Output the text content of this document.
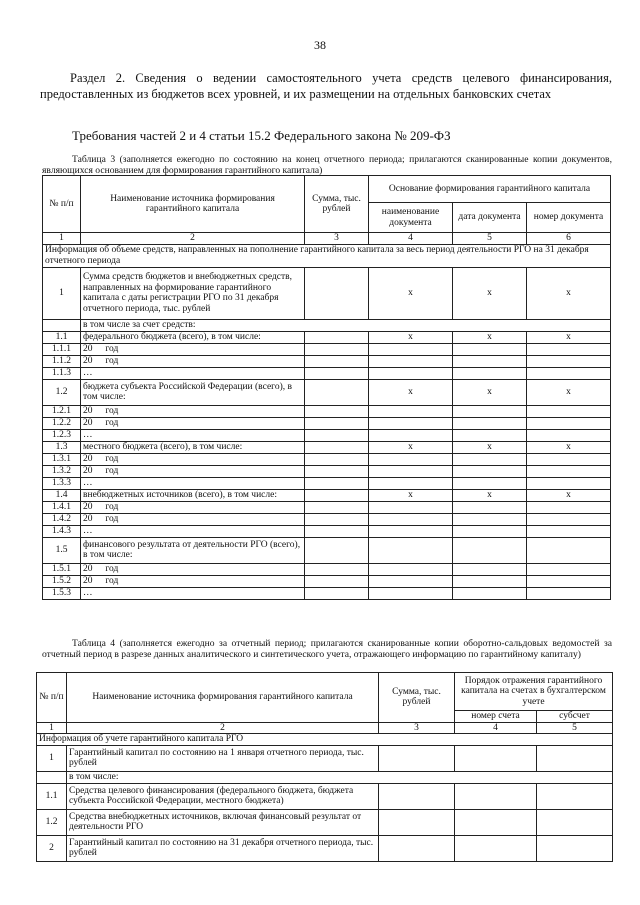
38
Раздел 2. Сведения о ведении самостоятельного учета средств целевого финансирования, предоставленных из бюджетов всех уровней, и их размещении на отдельных банковских счетах
Требования частей 2 и 4 статьи 15.2 Федерального закона № 209-ФЗ
Таблица 3 (заполняется ежегодно по состоянию на конец отчетного периода; прилагаются сканированные копии документов, являющихся основанием для формирования гарантийного капитала)
№ п/п	Наименование источника формирования гарантийного капитала	Сумма, тыс. рублей	Основание формирования гарантийного капитала		
			наименование документа	дата документа	номер документа
1	2	3	4	5	6
Информация об объеме средств, направленных на пополнение гарантийного капитала за весь период деятельности РГО на 31 декабря отчетного периода					
1	Сумма средств бюджетов и внебюджетных средств, направленных на формирование гарантийного капитала с даты регистрации РГО по 31 декабря отчетного периода, тыс. рублей		x	x	x
	в том числе за счет средств:				
1.1	федерального бюджета (всего), в том числе:		x	x	x
1.1.1	20 год				
1.1.2	20 год				
1.1.3	…				
1.2	бюджета субъекта Российской Федерации (всего), в том числе:		x	x	x
1.2.1	20 год				
1.2.2	20 год				
1.2.3	…				
1.3	местного бюджета (всего), в том числе:		x	x	x
1.3.1	20 год				
1.3.2	20 год				
1.3.3	…				
1.4	внебюджетных источников (всего), в том числе:		x	x	x
1.4.1	20 год				
1.4.2	20 год				
1.4.3	…				
1.5	финансового результата от деятельности РГО (всего), в том числе:				
1.5.1	20 год				
1.5.2	20 год				
1.5.3	…				
Таблица 4 (заполняется ежегодно за отчетный период; прилагаются сканированные копии оборотно-сальдовых ведомостей за отчетный период в разрезе данных аналитического и синтетического учета, отражающего информацию по гарантийному капиталу)
№ п/п	Наименование источника формирования гарантийного капитала	Сумма, тыс. рублей	Порядок отражения гарантийного капитала на счетах в бухгалтерском учете	
			номер счета	субсчет
1	2	3	4	5
Информация об учете гарантийного капитала РГО				
1	Гарантийный капитал по состоянию на 1 января отчетного периода, тыс. рублей			
	в том числе:			
1.1	Средства целевого финансирования (федерального бюджета, бюджета субъекта Российской Федерации, местного бюджета)			
1.2	Средства внебюджетных источников, включая финансовый результат от деятельности РГО			
2	Гарантийный капитал по состоянию на 31 декабря отчетного периода, тыс. рублей			
